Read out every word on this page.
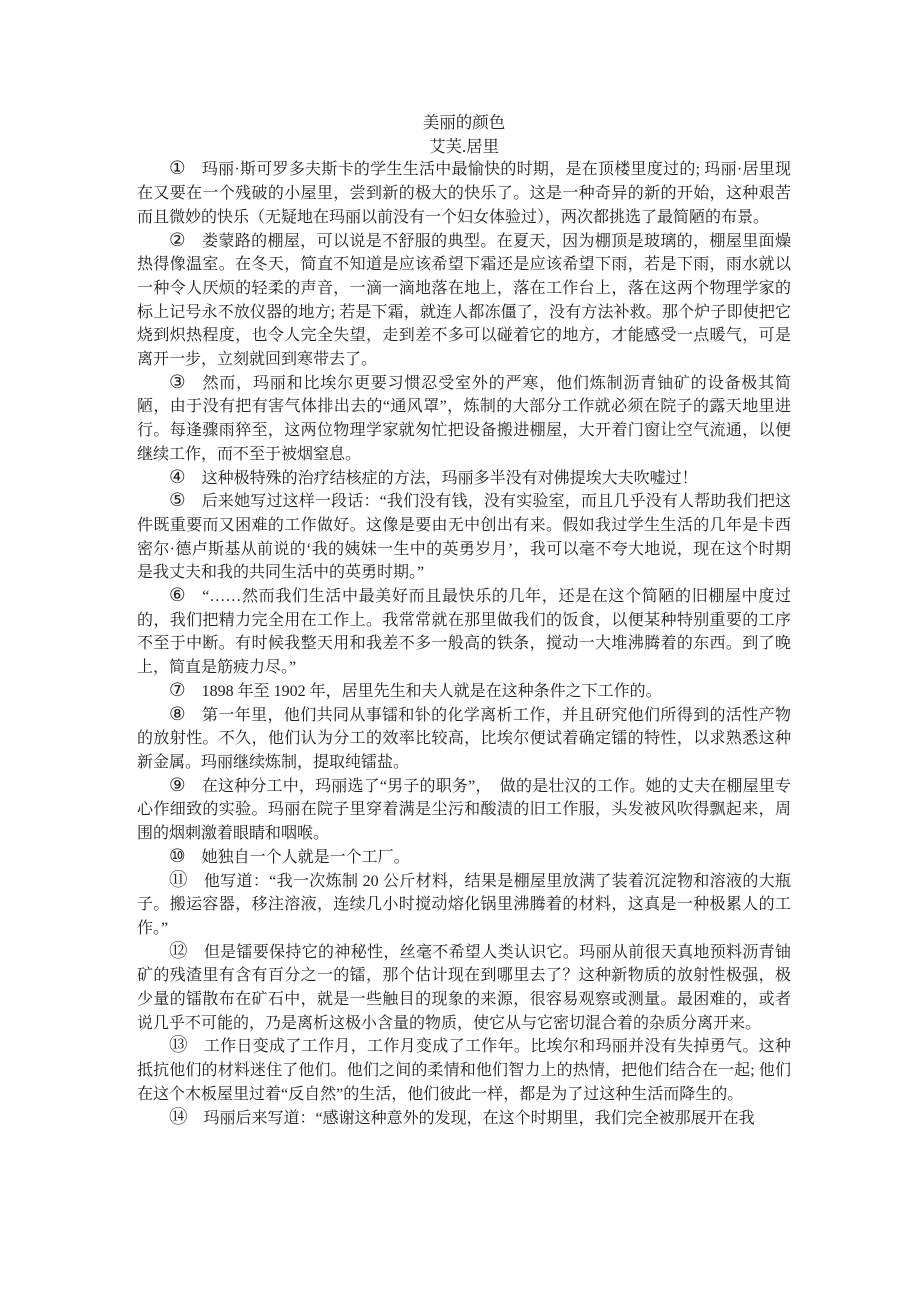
美丽的颜色
艾芙.居里

① 玛丽·斯可罗多夫斯卡的学生生活中最愉快的时期，是在顶楼里度过的; 玛丽·居里现在又要在一个残破的小屋里，尝到新的极大的快乐了。这是一种奇异的新的开始，这种艰苦而且微妙的快乐（无疑地在玛丽以前没有一个妇女体验过），两次都挑选了最简陋的布景。

② 娄蒙路的棚屋，可以说是不舒服的典型。在夏天，因为棚顶是玻璃的，棚屋里面燥热得像温室。在冬天，简直不知道是应该希望下霜还是应该希望下雨，若是下雨，雨水就以一种令人厌烦的轻柔的声音，一滴一滴地落在地上，落在工作台上，落在这两个物理学家的标上记号永不放仪器的地方; 若是下霜，就连人都冻僵了，没有方法补救。那个炉子即使把它烧到炽热程度，也令人完全失望，走到差不多可以碰着它的地方，才能感受一点暖气，可是离开一步，立刻就回到寒带去了。

③ 然而，玛丽和比埃尔更要习惯忍受室外的严寒，他们炼制沥青铀矿的设备极其简陋，由于没有把有害气体排出去的“通风罩”，炼制的大部分工作就必须在院子的露天地里进行。每逢骤雨猝至，这两位物理学家就匆忙把设备搬进棚屋，大开着门窗让空气流通，以便继续工作，而不至于被烟窒息。

④ 这种极特殊的治疗结核症的方法，玛丽多半没有对佛提埃大夫吹嘘过！

⑤ 后来她写过这样一段话：“我们没有钱，没有实验室，而且几乎没有人帮助我们把这件既重要而又困难的工作做好。这像是要由无中创出有来。假如我过学生生活的几年是卡西密尔·德卢斯基从前说的‘我的姨妹一生中的英勇岁月’，我可以毫不夸大地说，现在这个时期是我丈夫和我的共同生活中的英勇时期。”

⑥ “……然而我们生活中最美好而且最快乐的几年，还是在这个简陋的旧棚屋中度过的，我们把精力完全用在工作上。我常常就在那里做我们的饭食，以便某种特别重要的工序不至于中断。有时候我整天用和我差不多一般高的铁条，搅动一大堆沸腾着的东西。到了晚上，简直是筋疲力尽。”

⑦ 1898 年至 1902 年，居里先生和夫人就是在这种条件之下工作的。

⑧ 第一年里，他们共同从事镭和钋的化学离析工作，并且研究他们所得到的活性产物的放射性。不久，他们认为分工的效率比较高，比埃尔便试着确定镭的特性，以求熟悉这种新金属。玛丽继续炼制，提取纯镭盐。

⑨ 在这种分工中，玛丽选了“男子的职务”，　做的是壮汉的工作。她的丈夫在棚屋里专心作细致的实验。玛丽在院子里穿着满是尘污和酸渍的旧工作服，头发被风吹得飘起来，周围的烟刺激着眼睛和咽喉。

⑩ 她独自一个人就是一个工厂。

⑪ 他写道：“我一次炼制 20 公斤材料，结果是棚屋里放满了装着沉淀物和溶液的大瓶子。搬运容器，移注溶液，连续几小时搅动熔化锅里沸腾着的材料，这真是一种极累人的工作。”

⑫ 但是镭要保持它的神秘性，丝毫不希望人类认识它。玛丽从前很天真地预料沥青铀矿的残渣里有含有百分之一的镭，那个估计现在到哪里去了？这种新物质的放射性极强，极少量的镭散布在矿石中，就是一些触目的现象的来源，很容易观察或测量。最困难的，或者说几乎不可能的，乃是离析这极小含量的物质，使它从与它密切混合着的杂质分离开来。

⑬ 工作日变成了工作月，工作月变成了工作年。比埃尔和玛丽并没有失掉勇气。这种抵抗他们的材料迷住了他们。他们之间的柔情和他们智力上的热情，把他们结合在一起; 他们在这个木板屋里过着“反自然”的生活，他们彼此一样，都是为了过这种生活而降生的。

⑭ 玛丽后来写道：“感谢这种意外的发现，在这个时期里，我们完全被那展开在我
